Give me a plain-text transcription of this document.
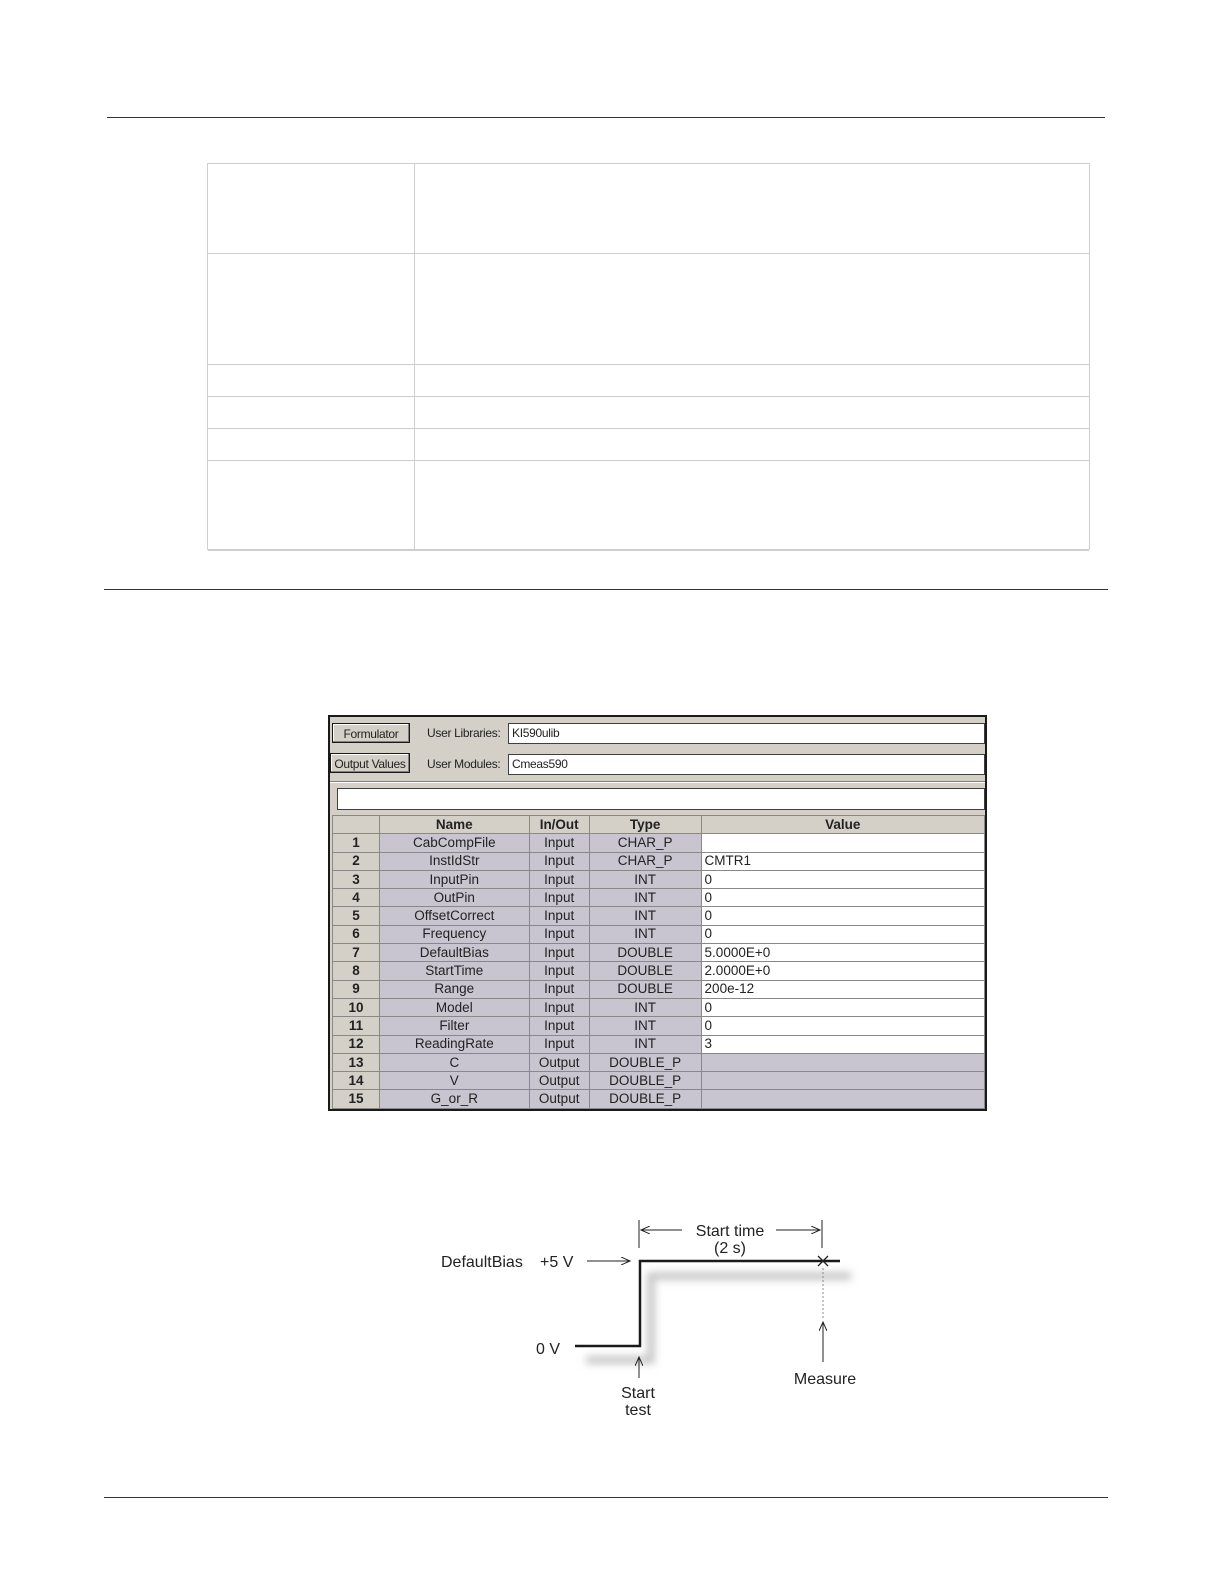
Formulator	User Libraries: KI590ulib
Output Values	User Modules: Cmeas590
	Name	In/Out	Type	Value
1	CabCompFile	Input	CHAR_P	
2	InstIdStr	Input	CHAR_P	CMTR1
3	InputPin	Input	INT	0
4	OutPin	Input	INT	0
5	OffsetCorrect	Input	INT	0
6	Frequency	Input	INT	0
7	DefaultBias	Input	DOUBLE	5.0000E+0
8	StartTime	Input	DOUBLE	2.0000E+0
9	Range	Input	DOUBLE	200e-12
10	Model	Input	INT	0
11	Filter	Input	INT	0
12	ReadingRate	Input	INT	3
13	C	Output	DOUBLE_P	
14	V	Output	DOUBLE_P	
15	G_or_R	Output	DOUBLE_P	
Start time
(2 s)
DefaultBias +5 V
0 V
Measure
Start
test
